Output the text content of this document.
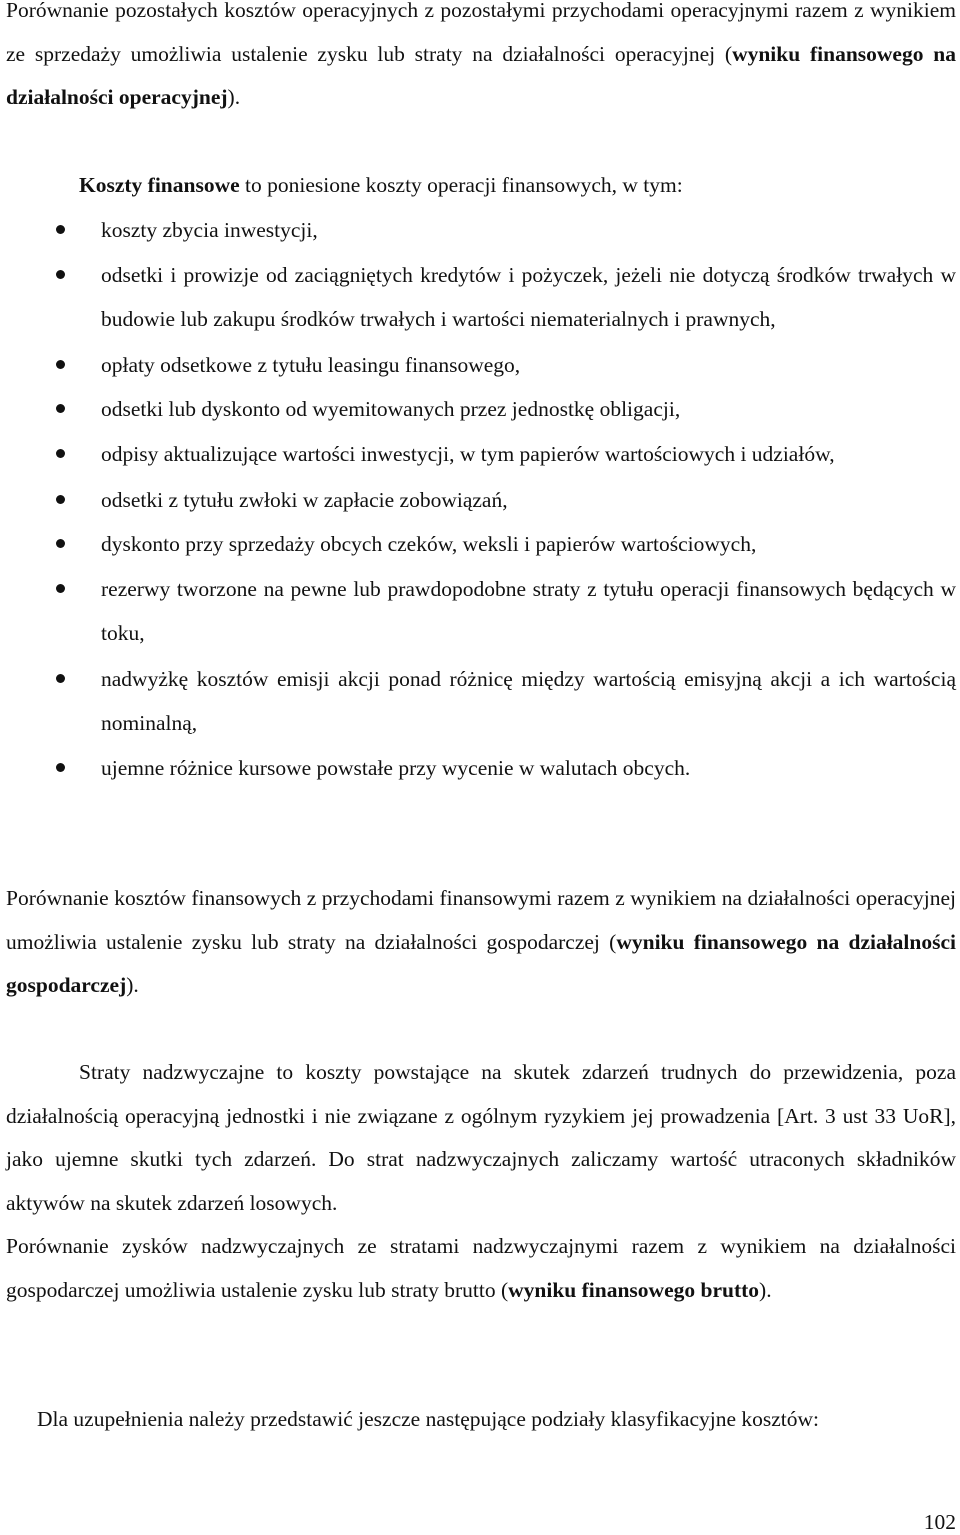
Porównanie pozostałych kosztów operacyjnych z pozostałymi przychodami operacyjnymi razem z wynikiem ze sprzedaży umożliwia ustalenie zysku lub straty na działalności operacyjnej (wyniku finansowego na działalności operacyjnej).

Koszty finansowe to poniesione koszty operacji finansowych, w tym:

koszty zbycia inwestycji,
odsetki i prowizje od zaciągniętych kredytów i pożyczek, jeżeli nie dotyczą środków trwałych w budowie lub zakupu środków trwałych i wartości niematerialnych i prawnych,
opłaty odsetkowe z tytułu leasingu finansowego,
odsetki lub dyskonto od wyemitowanych przez jednostkę obligacji,
odpisy aktualizujące wartości inwestycji, w tym papierów wartościowych i udziałów,
odsetki z tytułu zwłoki w zapłacie zobowiązań,
dyskonto przy sprzedaży obcych czeków, weksli i papierów wartościowych,
rezerwy tworzone na pewne lub prawdopodobne straty z tytułu operacji finansowych będących w toku,
nadwyżkę kosztów emisji akcji ponad różnicę między wartością emisyjną akcji a ich wartością nominalną,
ujemne różnice kursowe powstałe przy wycenie w walutach obcych.

Porównanie kosztów finansowych z przychodami finansowymi razem z wynikiem na działalności operacyjnej umożliwia ustalenie zysku lub straty na działalności gospodarczej (wyniku finansowego na działalności gospodarczej).

Straty nadzwyczajne to koszty powstające na skutek zdarzeń trudnych do przewidzenia, poza działalnością operacyjną jednostki i nie związane z ogólnym ryzykiem jej prowadzenia [Art. 3 ust 33 UoR], jako ujemne skutki tych zdarzeń. Do strat nadzwyczajnych zaliczamy wartość utraconych składników aktywów na skutek zdarzeń losowych.

Porównanie zysków nadzwyczajnych ze stratami nadzwyczajnymi razem z wynikiem na działalności gospodarczej umożliwia ustalenie zysku lub straty brutto (wyniku finansowego brutto).

Dla uzupełnienia należy przedstawić jeszcze następujące podziały klasyfikacyjne kosztów:

102
